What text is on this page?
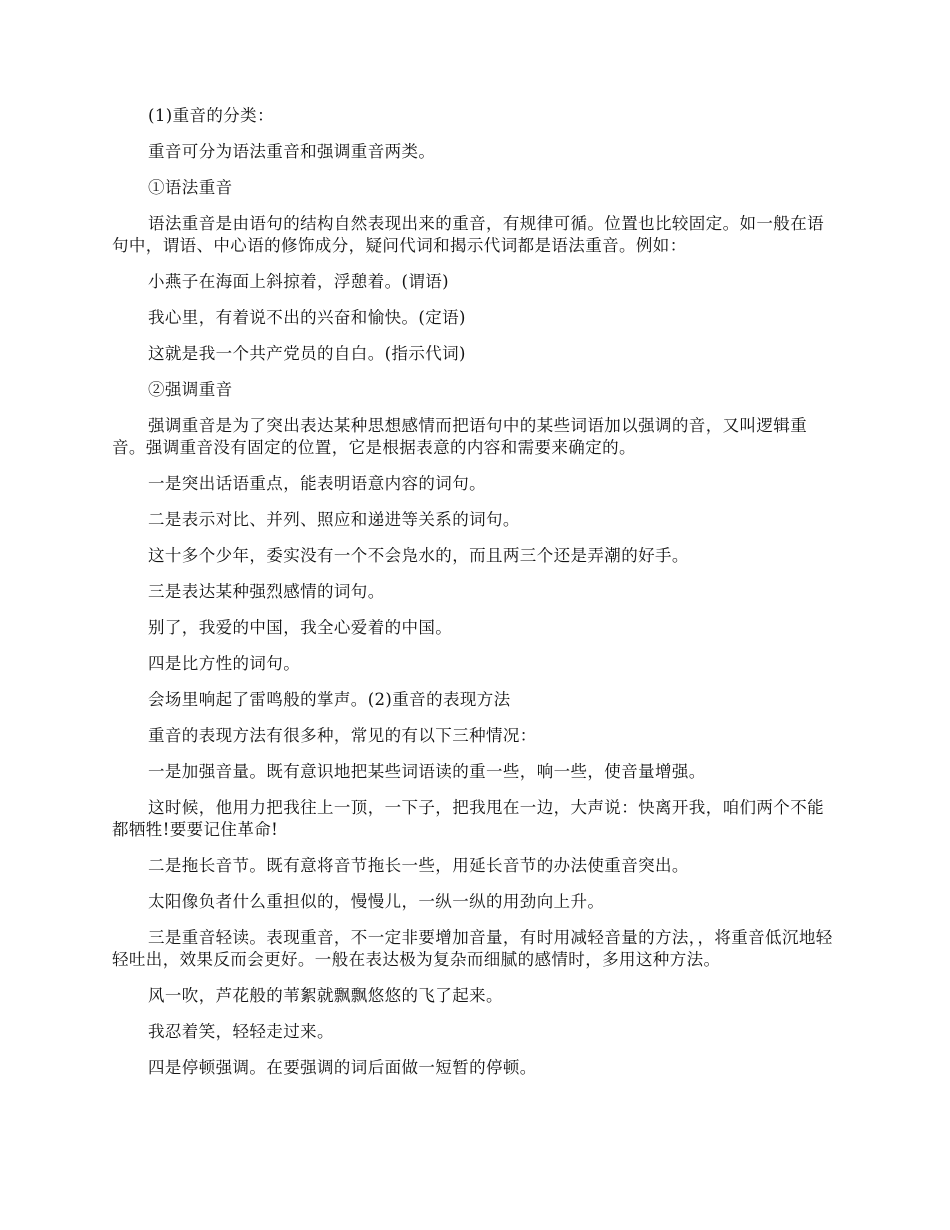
(1)重音的分类：

重音可分为语法重音和强调重音两类。

①语法重音

语法重音是由语句的结构自然表现出来的重音，有规律可循。位置也比较固定。如一般在语句中，谓语、中心语的修饰成分，疑问代词和揭示代词都是语法重音。例如：

小燕子在海面上斜掠着，浮憩着。(谓语)

我心里，有着说不出的兴奋和愉快。(定语)

这就是我一个共产党员的自白。(指示代词)

②强调重音

强调重音是为了突出表达某种思想感情而把语句中的某些词语加以强调的音，又叫逻辑重音。强调重音没有固定的位置，它是根据表意的内容和需要来确定的。

一是突出话语重点，能表明语意内容的词句。

二是表示对比、并列、照应和递进等关系的词句。

这十多个少年，委实没有一个不会凫水的，而且两三个还是弄潮的好手。

三是表达某种强烈感情的词句。

别了，我爱的中国，我全心爱着的中国。

四是比方性的词句。

会场里响起了雷鸣般的掌声。(2)重音的表现方法

重音的表现方法有很多种，常见的有以下三种情况：

一是加强音量。既有意识地把某些词语读的重一些，响一些，使音量增强。

这时候，他用力把我往上一顶，一下子，把我甩在一边，大声说：快离开我，咱们两个不能都牺牲!要要记住革命!

二是拖长音节。既有意将音节拖长一些，用延长音节的办法使重音突出。

太阳像负者什么重担似的，慢慢儿，一纵一纵的用劲向上升。

三是重音轻读。表现重音，不一定非要增加音量，有时用减轻音量的方法，，将重音低沉地轻轻吐出，效果反而会更好。一般在表达极为复杂而细腻的感情时，多用这种方法。

风一吹，芦花般的苇絮就飘飘悠悠的飞了起来。

我忍着笑，轻轻走过来。

四是停顿强调。在要强调的词后面做一短暂的停顿。
